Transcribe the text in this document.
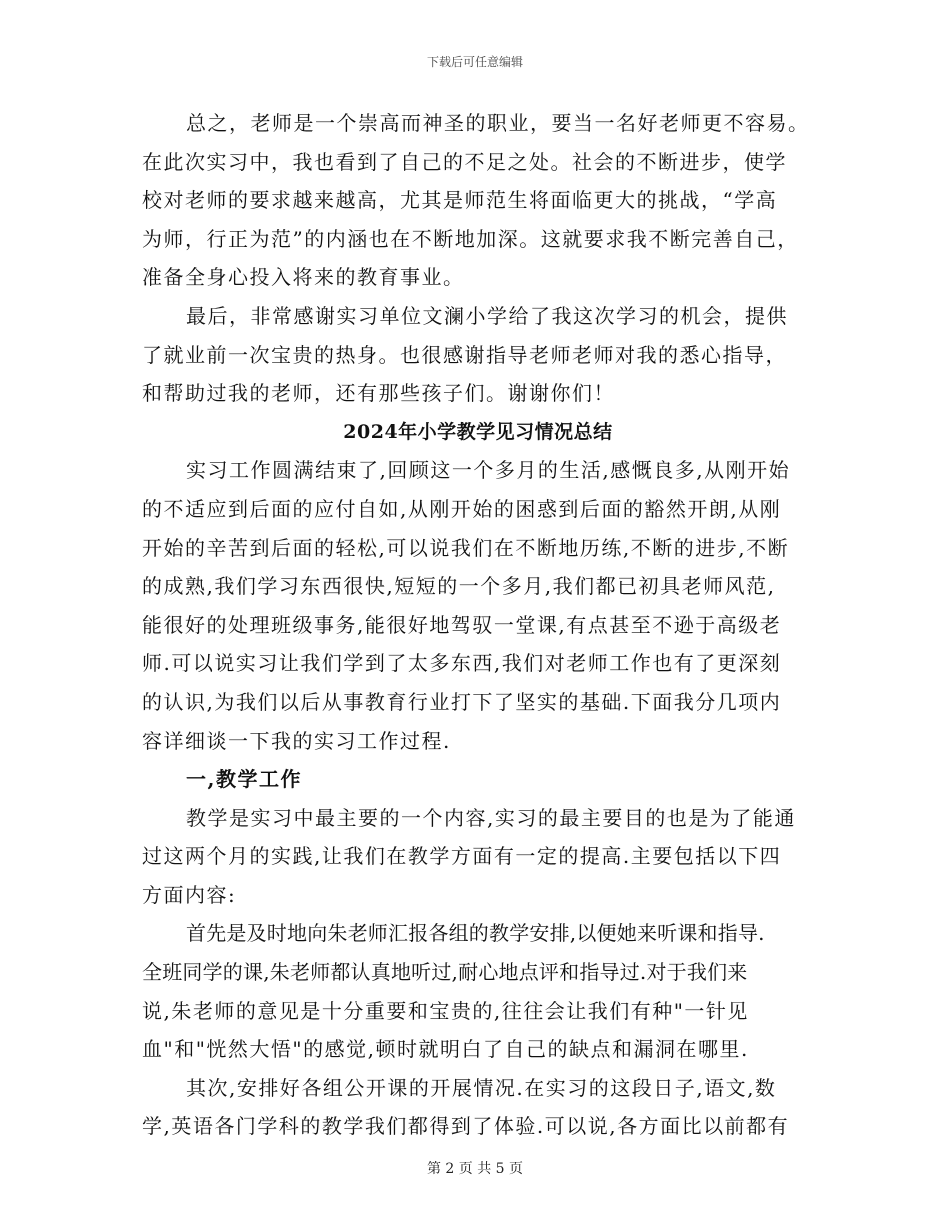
下载后可任意编辑
总之，老师是一个崇高而神圣的职业，要当一名好老师更不容易。
在此次实习中，我也看到了自己的不足之处。社会的不断进步，使学
校对老师的要求越来越高，尤其是师范生将面临更大的挑战，“学高
为师，行正为范”的内涵也在不断地加深。这就要求我不断完善自己，
准备全身心投入将来的教育事业。
最后，非常感谢实习单位文澜小学给了我这次学习的机会，提供
了就业前一次宝贵的热身。也很感谢指导老师老师对我的悉心指导，
和帮助过我的老师，还有那些孩子们。谢谢你们！
2024年小学教学见习情况总结
实习工作圆满结束了,回顾这一个多月的生活,感慨良多,从刚开始
的不适应到后面的应付自如,从刚开始的困惑到后面的豁然开朗,从刚
开始的辛苦到后面的轻松,可以说我们在不断地历练,不断的进步,不断
的成熟,我们学习东西很快,短短的一个多月,我们都已初具老师风范,
能很好的处理班级事务,能很好地驾驭一堂课,有点甚至不逊于高级老
师.可以说实习让我们学到了太多东西,我们对老师工作也有了更深刻
的认识,为我们以后从事教育行业打下了坚实的基础.下面我分几项内
容详细谈一下我的实习工作过程.
一,教学工作
教学是实习中最主要的一个内容,实习的最主要目的也是为了能通
过这两个月的实践,让我们在教学方面有一定的提高.主要包括以下四
方面内容:
首先是及时地向朱老师汇报各组的教学安排,以便她来听课和指导.
全班同学的课,朱老师都认真地听过,耐心地点评和指导过.对于我们来
说,朱老师的意见是十分重要和宝贵的,往往会让我们有种"一针见
血"和"恍然大悟"的感觉,顿时就明白了自己的缺点和漏洞在哪里.
其次,安排好各组公开课的开展情况.在实习的这段日子,语文,数
学,英语各门学科的教学我们都得到了体验.可以说,各方面比以前都有
第 2 页 共 5 页
